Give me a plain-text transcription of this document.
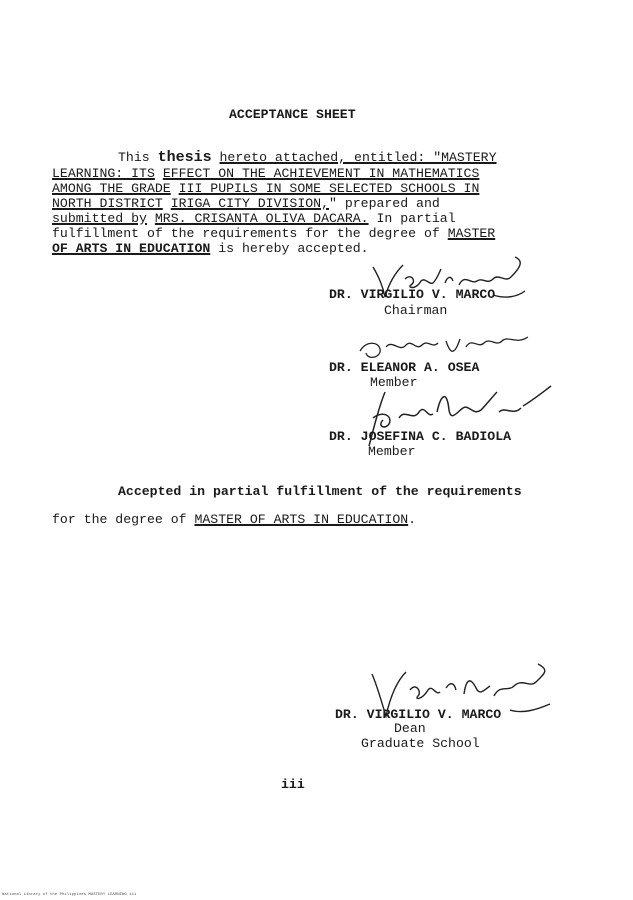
ACCEPTANCE SHEET
This thesis hereto attached, entitled: "MASTERY
LEARNING: ITS EFFECT ON THE ACHIEVEMENT IN MATHEMATICS
AMONG THE GRADE III PUPILS IN SOME SELECTED SCHOOLS IN
NORTH DISTRICT IRIGA CITY DIVISION," prepared and
submitted by MRS. CRISANTA OLIVA DACARA. In partial
fulfillment of the requirements for the degree of MASTER
OF ARTS IN EDUCATION is hereby accepted.
DR. VIRGILIO V. MARCO
Chairman
DR. ELEANOR A. OSEA
Member
DR. JOSEFINA C. BADIOLA
Member
Accepted in partial fulfillment of the requirements
for the degree of MASTER OF ARTS IN EDUCATION.
DR. VIRGILIO V. MARCO
Dean
Graduate School
iii
National Library of the Philippines MASTERY LEARNING iii
